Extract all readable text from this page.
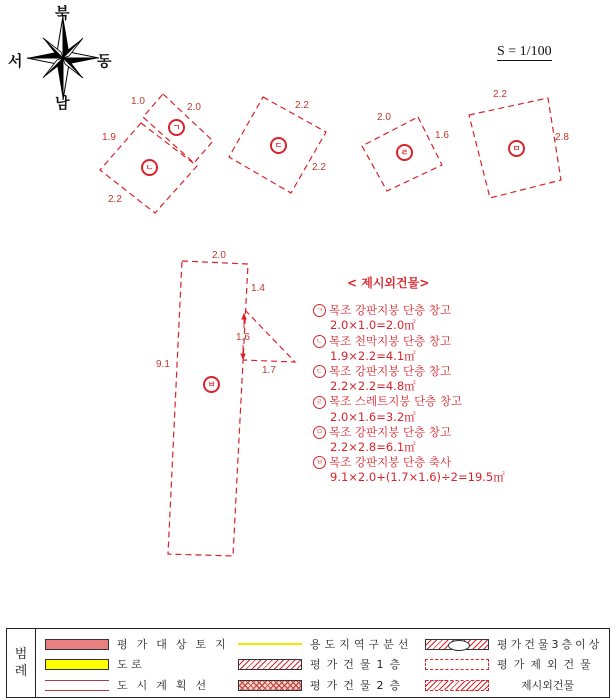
북
남
동
서
S = 1/100
1.0
2.0
1.9
2.2
2.2
2.2
2.0
1.6
2.2
2.8
2.0
9.1
1.4
1.6
1.7
ㄱ
ㄴ
ㄷ
ㄹ	ㅁ
ㅂ
< 제시외건물>
ㄱ 목조 강판지붕 단층 창고
2.0×1.0=2.0㎡
ㄴ 목조 천막지붕 단층 창고
1.9×2.2=4.1㎡
ㄷ 목조 강판지붕 단층 창고
2.2×2.2=4.8㎡
ㄹ 목조 스레트지붕 단층 창고
2.0×1.6=3.2㎡
ㅁ 목조 강판지붕 단층 창고
2.2×2.8=6.1㎡
ㅂ 목조 강판지붕 단층 축사
9.1×2.0+(1.7×1.6)÷2=19.5㎡
범
례
평가대상토지
도 로
도시계획선
용도지역구분선
평가건물1층
평가건물2층
평가건물3층이상
평가제외건물
제시외건물
